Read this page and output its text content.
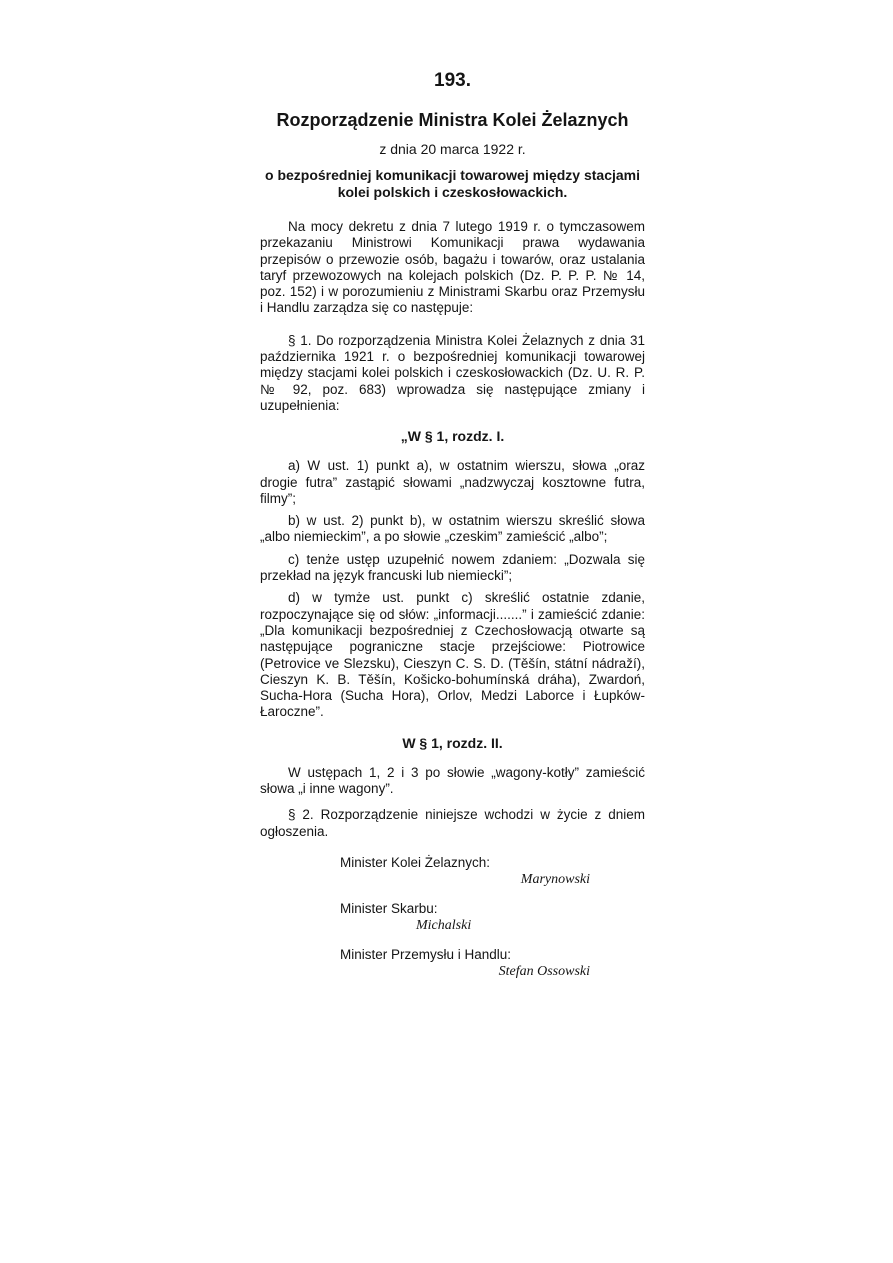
193.
Rozporządzenie Ministra Kolei Żelaznych
z dnia 20 marca 1922 r.
o bezpośredniej komunikacji towarowej między stacjami kolei polskich i czeskosłowackich.

Na mocy dekretu z dnia 7 lutego 1919 r. o tymczasowem przekazaniu Ministrowi Komunikacji prawa wydawania przepisów o przewozie osób, bagażu i towarów, oraz ustalania taryf przewozowych na kolejach polskich (Dz. P. P. P. № 14, poz. 152) i w porozumieniu z Ministrami Skarbu oraz Przemysłu i Handlu zarządza się co następuje:

§ 1. Do rozporządzenia Ministra Kolei Żelaznych z dnia 31 października 1921 r. o bezpośredniej komunikacji towarowej między stacjami kolei polskich i czeskosłowackich (Dz. U. R. P. № 92, poz. 683) wprowadza się następujące zmiany i uzupełnienia:

„W § 1, rozdz. I.

a) W ust. 1) punkt a), w ostatnim wierszu, słowa „oraz drogie futra” zastąpić słowami „nadzwyczaj kosztowne futra, filmy”;

b) w ust. 2) punkt b), w ostatnim wierszu skreślić słowa „albo niemieckim”, a po słowie „czeskim” zamieścić „albo”;

c) tenże ustęp uzupełnić nowem zdaniem: „Dozwala się przekład na język francuski lub niemiecki”;

d) w tymże ust. punkt c) skreślić ostatnie zdanie, rozpoczynające się od słów: „informacji.......” i zamieścić zdanie: „Dla komunikacji bezpośredniej z Czechosłowacją otwarte są następujące pograniczne stacje przejściowe: Piotrowice (Petrovice ve Slezsku), Cieszyn C. S. D. (Těšín, státní nádraží), Cieszyn K. B. Těšín, Košicko-bohumínská dráha), Zwardoń, Sucha-Hora (Sucha Hora), Orlov, Medzi Laborce i Łupków-Łaroczne”.

W § 1, rozdz. II.

W ustępach 1, 2 i 3 po słowie „wagony-kotły” zamieścić słowa „i inne wagony”.

§ 2. Rozporządzenie niniejsze wchodzi w życie z dniem ogłoszenia.

Minister Kolei Żelaznych:
Marynowski
Minister Skarbu:
Michalski
Minister Przemysłu i Handlu:
Stefan Ossowski
